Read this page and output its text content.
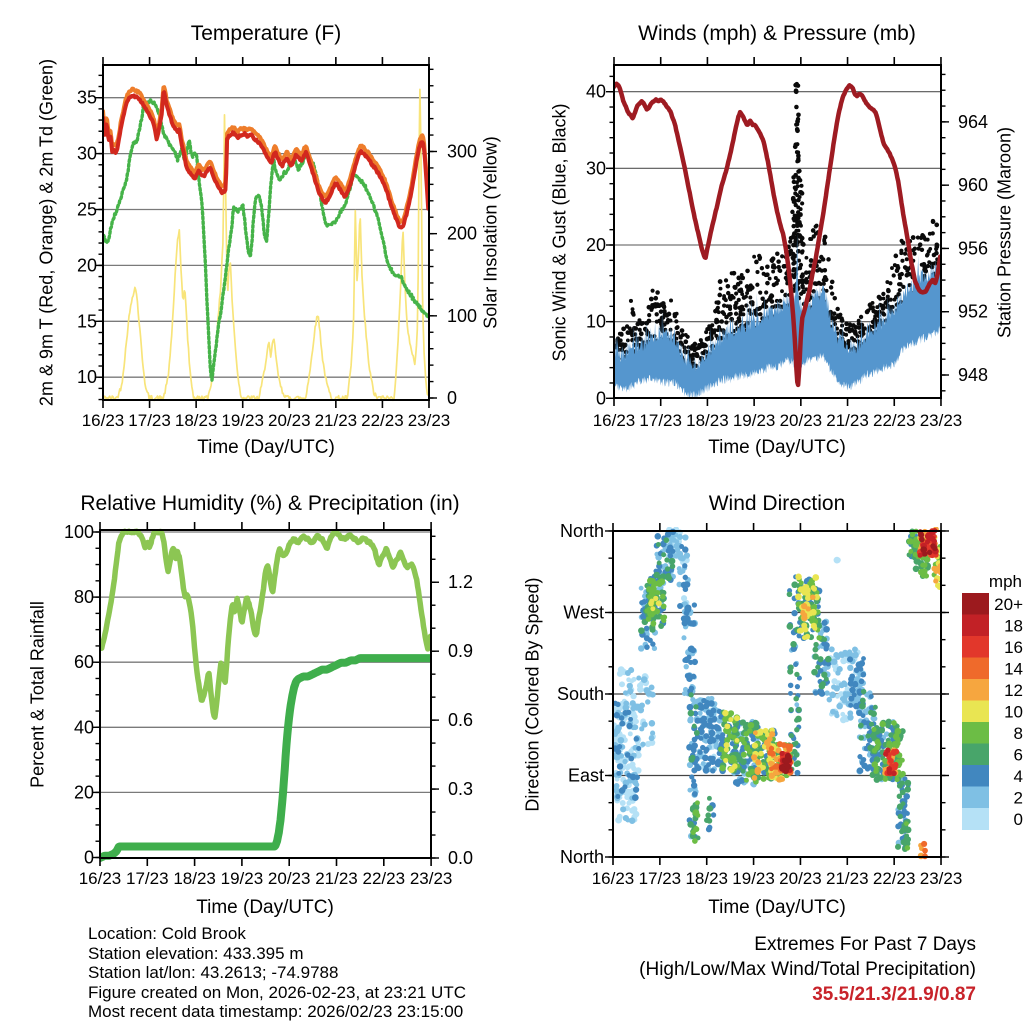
10
15
20
25
30
35
0
100
200
300
16/23 17/23 18/23 19/23 20/23 21/23 22/23 23/23
0
10
20
30
40
948
952
956
960
964
16/23 17/23 18/23 19/23 20/23 21/23 22/23 23/23
0
20
40
60
80
100
0.0
0.3
0.6
0.9
1.2
16/23 17/23 18/23 19/23 20/23 21/23 22/23 23/23
North
West
South
East
North
16/23 17/23 18/23 19/23 20/23 21/23 22/23 23/23
20+
18
16
14
12
10
8
6
4
2
0
Temperature (F)
2m & 9m T (Red, Orange) & 2m Td (Green)	Solar Insolation (Yellow)
Time (Day/UTC)
Winds (mph) & Pressure (mb)
Sonic Wind & Gust (Blue, Black)	Station Pressure (Maroon)
Time (Day/UTC)
Relative Humidity (%) & Precipitation (in)
Percent & Total Rainfall
Time (Day/UTC)
Wind Direction
Direction (Colored By Speed)
Time (Day/UTC)
mph
Location: Cold Brook
Station elevation: 433.395 m
Station lat/lon: 43.2613; -74.9788
Figure created on Mon, 2026-02-23, at 23:21 UTC
Most recent data timestamp: 2026/02/23 23:15:00
Extremes For Past 7 Days
(High/Low/Max Wind/Total Precipitation)
35.5/21.3/21.9/0.87
